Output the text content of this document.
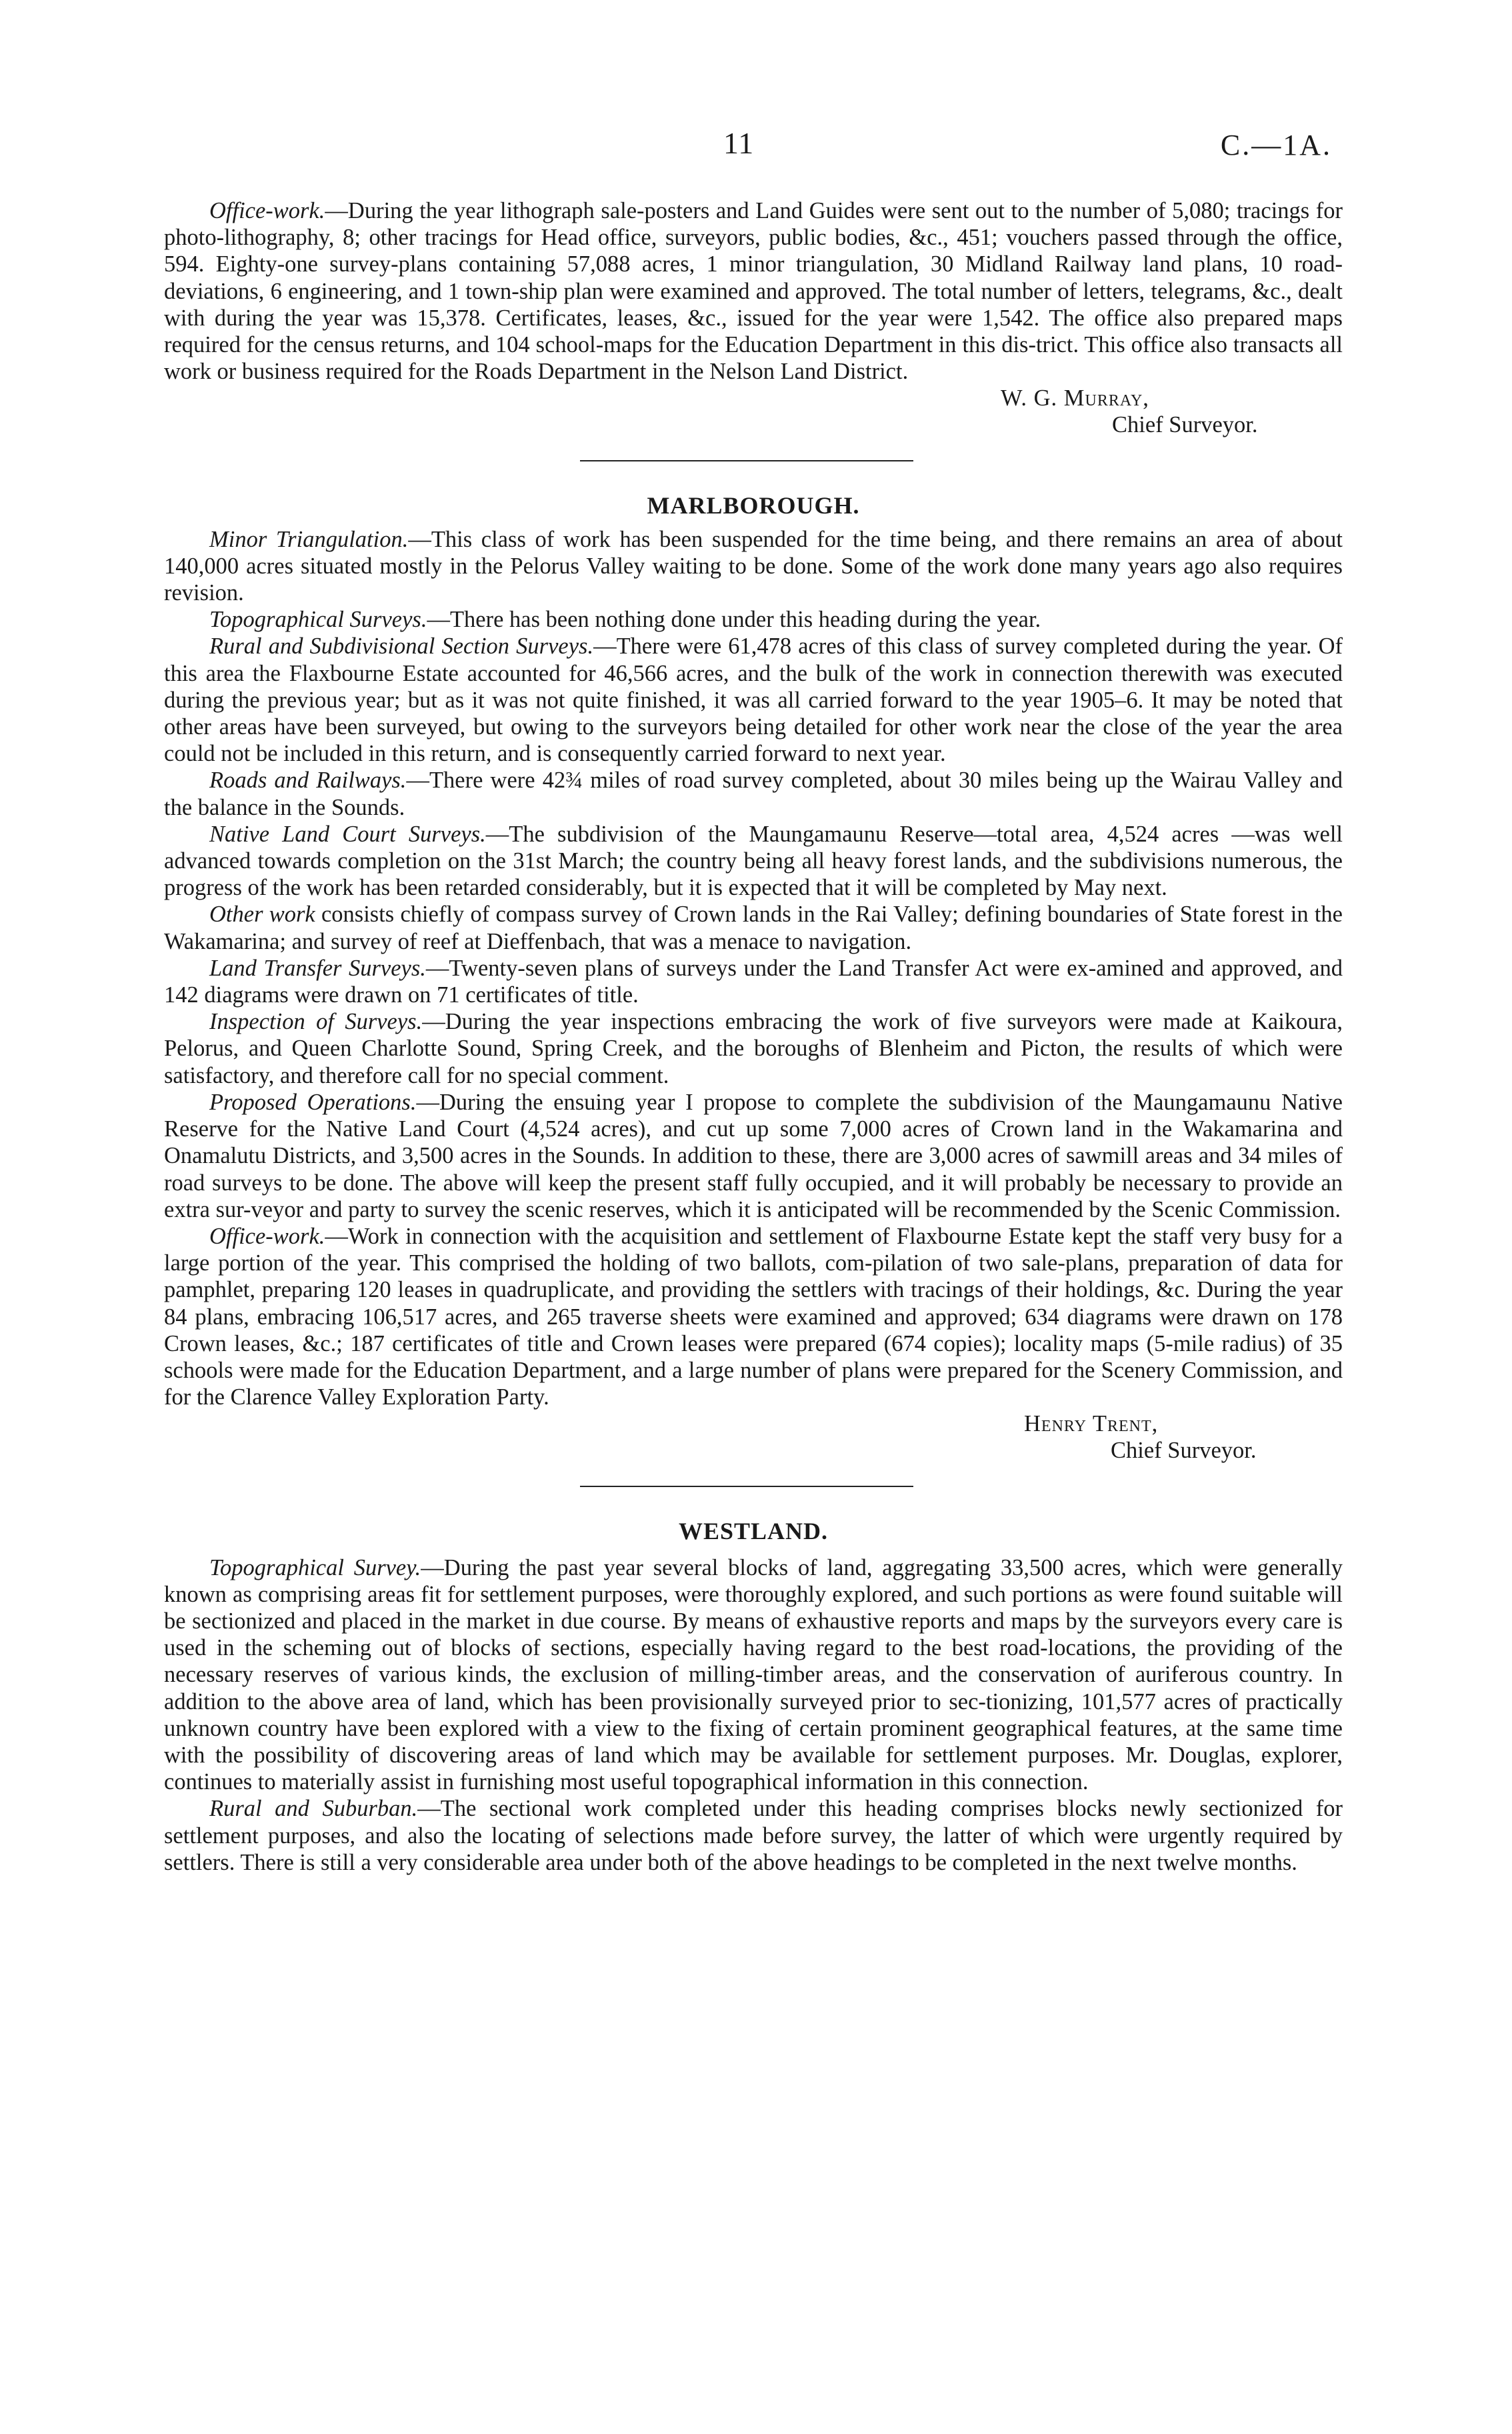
11	C.—1A.

Office-work.—During the year lithograph sale-posters and Land Guides were sent out to the number of 5,080; tracings for photo-lithography, 8; other tracings for Head office, surveyors, public bodies, &c., 451; vouchers passed through the office, 594. Eighty-one survey-plans containing 57,088 acres, 1 minor triangulation, 30 Midland Railway land plans, 10 road-deviations, 6 engineering, and 1 town-ship plan were examined and approved. The total number of letters, telegrams, &c., dealt with during the year was 15,378. Certificates, leases, &c., issued for the year were 1,542. The office also prepared maps required for the census returns, and 104 school-maps for the Education Department in this dis-trict. This office also transacts all work or business required for the Roads Department in the Nelson Land District.

W. G. Murray,
Chief Surveyor.
MARLBOROUGH.

Minor Triangulation.—This class of work has been suspended for the time being, and there remains an area of about 140,000 acres situated mostly in the Pelorus Valley waiting to be done. Some of the work done many years ago also requires revision.

Topographical Surveys.—There has been nothing done under this heading during the year.

Rural and Subdivisional Section Surveys.—There were 61,478 acres of this class of survey completed during the year. Of this area the Flaxbourne Estate accounted for 46,566 acres, and the bulk of the work in connection therewith was executed during the previous year; but as it was not quite finished, it was all carried forward to the year 1905–6. It may be noted that other areas have been surveyed, but owing to the surveyors being detailed for other work near the close of the year the area could not be included in this return, and is consequently carried forward to next year.

Roads and Railways.—There were 42¾ miles of road survey completed, about 30 miles being up the Wairau Valley and the balance in the Sounds.

Native Land Court Surveys.—The subdivision of the Maungamaunu Reserve—total area, 4,524 acres —was well advanced towards completion on the 31st March; the country being all heavy forest lands, and the subdivisions numerous, the progress of the work has been retarded considerably, but it is expected that it will be completed by May next.

Other work consists chiefly of compass survey of Crown lands in the Rai Valley; defining boundaries of State forest in the Wakamarina; and survey of reef at Dieffenbach, that was a menace to navigation.

Land Transfer Surveys.—Twenty-seven plans of surveys under the Land Transfer Act were ex-amined and approved, and 142 diagrams were drawn on 71 certificates of title.

Inspection of Surveys.—During the year inspections embracing the work of five surveyors were made at Kaikoura, Pelorus, and Queen Charlotte Sound, Spring Creek, and the boroughs of Blenheim and Picton, the results of which were satisfactory, and therefore call for no special comment.

Proposed Operations.—During the ensuing year I propose to complete the subdivision of the Maungamaunu Native Reserve for the Native Land Court (4,524 acres), and cut up some 7,000 acres of Crown land in the Wakamarina and Onamalutu Districts, and 3,500 acres in the Sounds. In addition to these, there are 3,000 acres of sawmill areas and 34 miles of road surveys to be done. The above will keep the present staff fully occupied, and it will probably be necessary to provide an extra sur-veyor and party to survey the scenic reserves, which it is anticipated will be recommended by the Scenic Commission.

Office-work.—Work in connection with the acquisition and settlement of Flaxbourne Estate kept the staff very busy for a large portion of the year. This comprised the holding of two ballots, com-pilation of two sale-plans, preparation of data for pamphlet, preparing 120 leases in quadruplicate, and providing the settlers with tracings of their holdings, &c. During the year 84 plans, embracing 106,517 acres, and 265 traverse sheets were examined and approved; 634 diagrams were drawn on 178 Crown leases, &c.; 187 certificates of title and Crown leases were prepared (674 copies); locality maps (5-mile radius) of 35 schools were made for the Education Department, and a large number of plans were prepared for the Scenery Commission, and for the Clarence Valley Exploration Party.

Henry Trent,
Chief Surveyor.
WESTLAND.

Topographical Survey.—During the past year several blocks of land, aggregating 33,500 acres, which were generally known as comprising areas fit for settlement purposes, were thoroughly explored, and such portions as were found suitable will be sectionized and placed in the market in due course. By means of exhaustive reports and maps by the surveyors every care is used in the scheming out of blocks of sections, especially having regard to the best road-locations, the providing of the necessary reserves of various kinds, the exclusion of milling-timber areas, and the conservation of auriferous country. In addition to the above area of land, which has been provisionally surveyed prior to sec-tionizing, 101,577 acres of practically unknown country have been explored with a view to the fixing of certain prominent geographical features, at the same time with the possibility of discovering areas of land which may be available for settlement purposes. Mr. Douglas, explorer, continues to materially assist in furnishing most useful topographical information in this connection.

Rural and Suburban.—The sectional work completed under this heading comprises blocks newly sectionized for settlement purposes, and also the locating of selections made before survey, the latter of which were urgently required by settlers. There is still a very considerable area under both of the above headings to be completed in the next twelve months.
